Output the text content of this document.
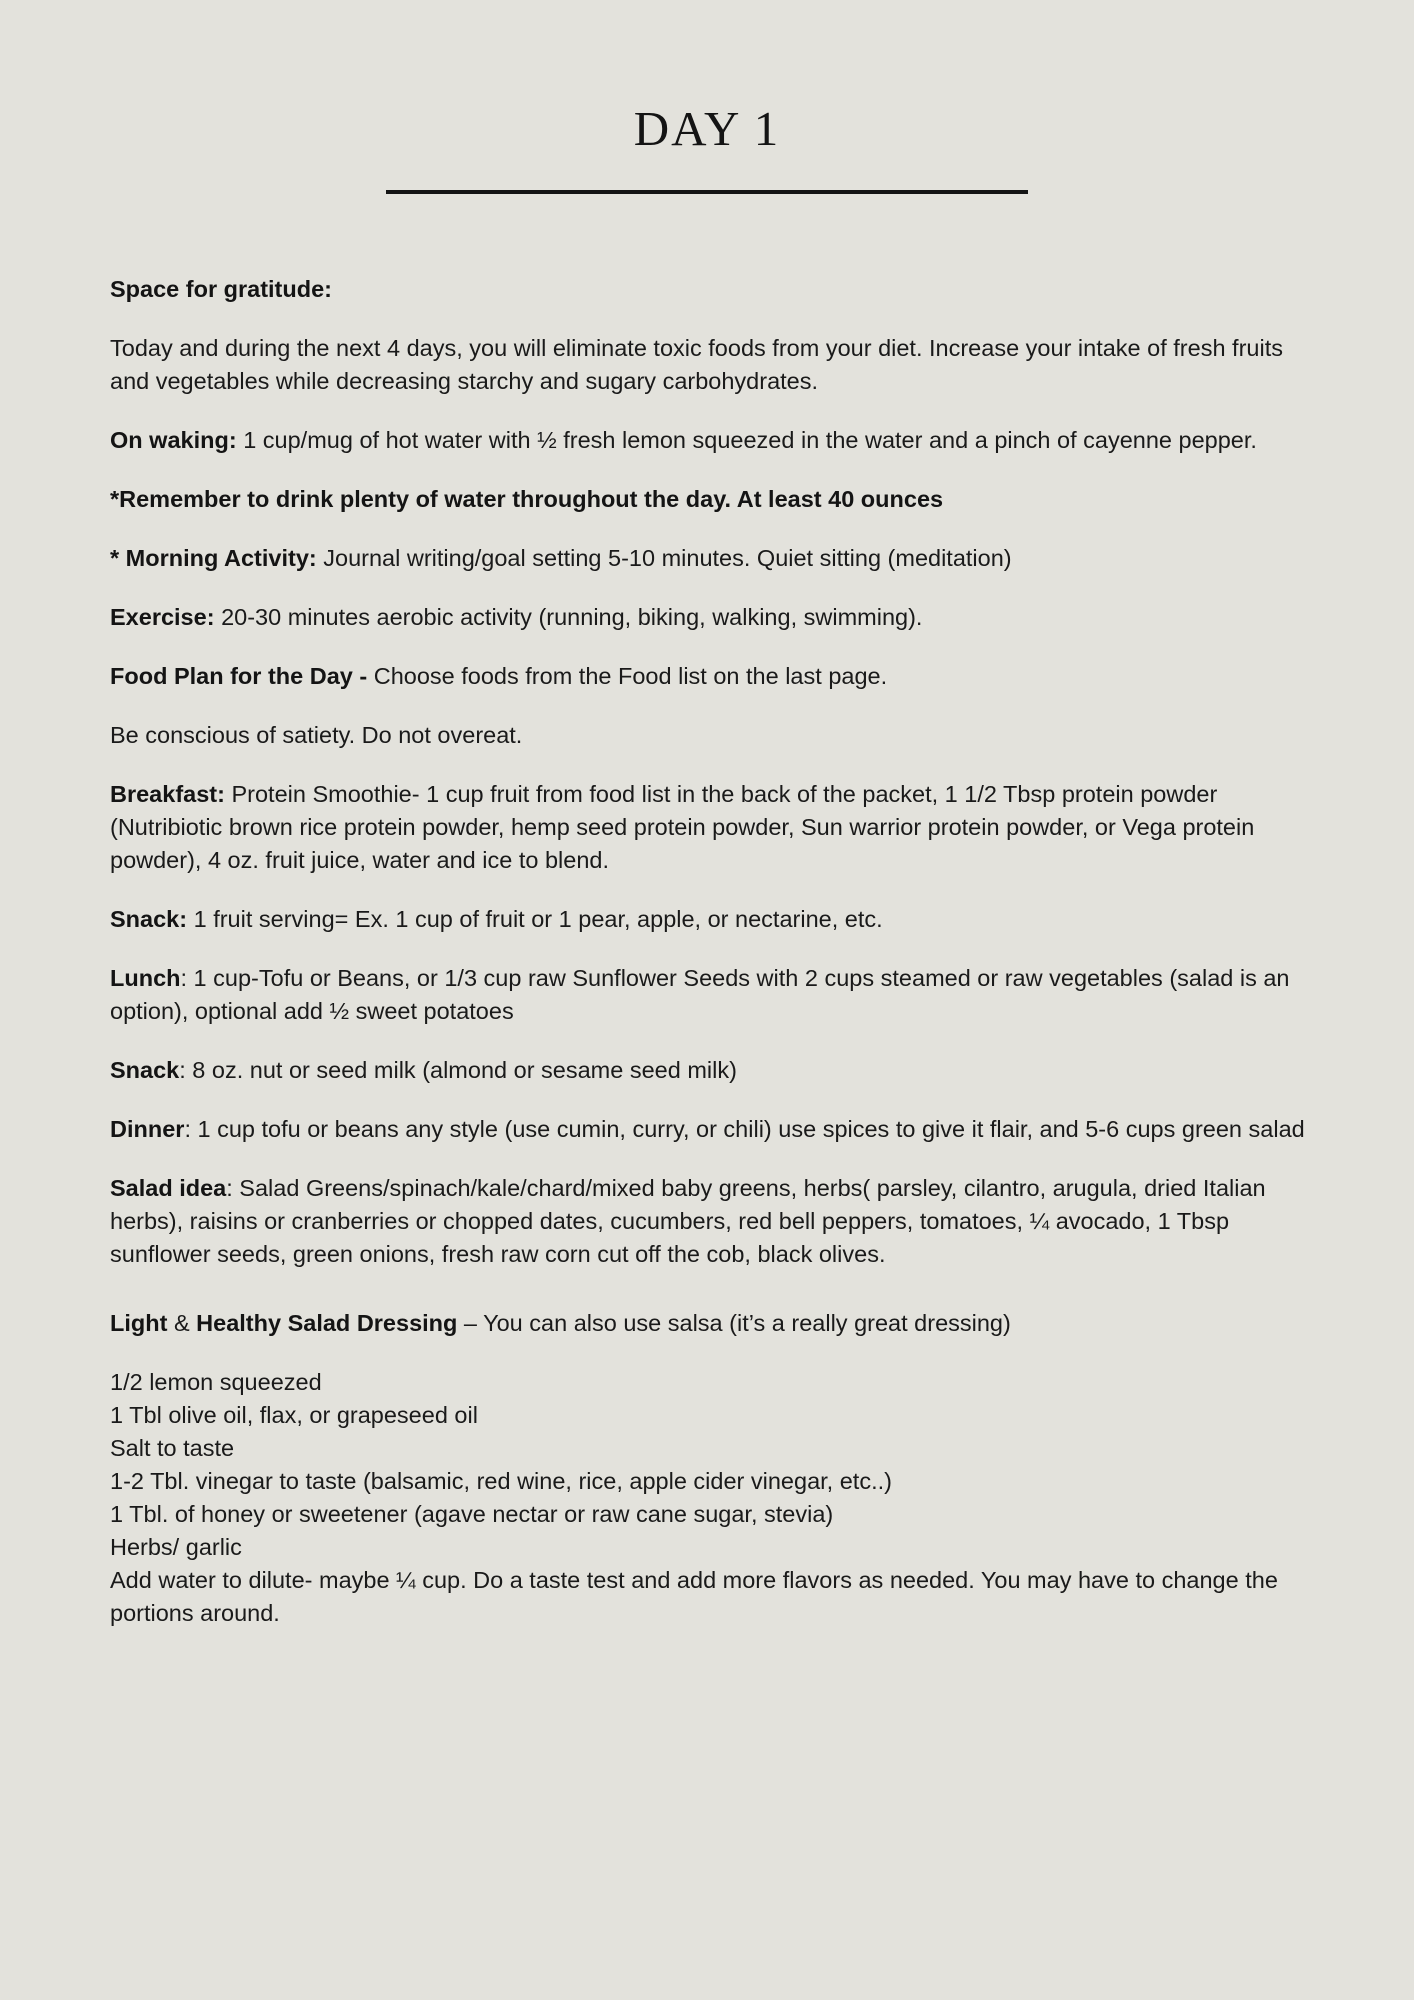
DAY 1

Space for gratitude:

Today and during the next 4 days, you will eliminate toxic foods from your diet. Increase your intake of fresh fruits and vegetables while decreasing starchy and sugary carbohydrates.

On waking: 1 cup/mug of hot water with ½ fresh lemon squeezed in the water and a pinch of cayenne pepper.

*Remember to drink plenty of water throughout the day. At least 40 ounces

* Morning Activity: Journal writing/goal setting 5-10 minutes. Quiet sitting (meditation)

Exercise: 20-30 minutes aerobic activity (running, biking, walking, swimming).

Food Plan for the Day - Choose foods from the Food list on the last page.

Be conscious of satiety. Do not overeat.

Breakfast: Protein Smoothie- 1 cup fruit from food list in the back of the packet, 1 1/2 Tbsp protein powder (Nutribiotic brown rice protein powder, hemp seed protein powder, Sun warrior protein powder, or Vega protein powder), 4 oz. fruit juice, water and ice to blend.

Snack: 1 fruit serving= Ex. 1 cup of fruit or 1 pear, apple, or nectarine, etc.

Lunch: 1 cup-Tofu or Beans, or 1/3 cup raw Sunflower Seeds with 2 cups steamed or raw vegetables (salad is an option), optional add ½ sweet potatoes

Snack: 8 oz. nut or seed milk (almond or sesame seed milk)

Dinner: 1 cup tofu or beans any style (use cumin, curry, or chili) use spices to give it flair, and 5-6 cups green salad

Salad idea: Salad Greens/spinach/kale/chard/mixed baby greens, herbs( parsley, cilantro, arugula, dried Italian herbs), raisins or cranberries or chopped dates, cucumbers, red bell peppers, tomatoes, ¼ avocado, 1 Tbsp sunflower seeds, green onions, fresh raw corn cut off the cob, black olives.

Light & Healthy Salad Dressing – You can also use salsa (it’s a really great dressing)

1/2 lemon squeezed

1 Tbl olive oil, flax, or grapeseed oil

Salt to taste

1-2 Tbl. vinegar to taste (balsamic, red wine, rice, apple cider vinegar, etc..)

1 Tbl. of honey or sweetener (agave nectar or raw cane sugar, stevia)

Herbs/ garlic

Add water to dilute- maybe ¼ cup. Do a taste test and add more flavors as needed. You may have to change the portions around.
